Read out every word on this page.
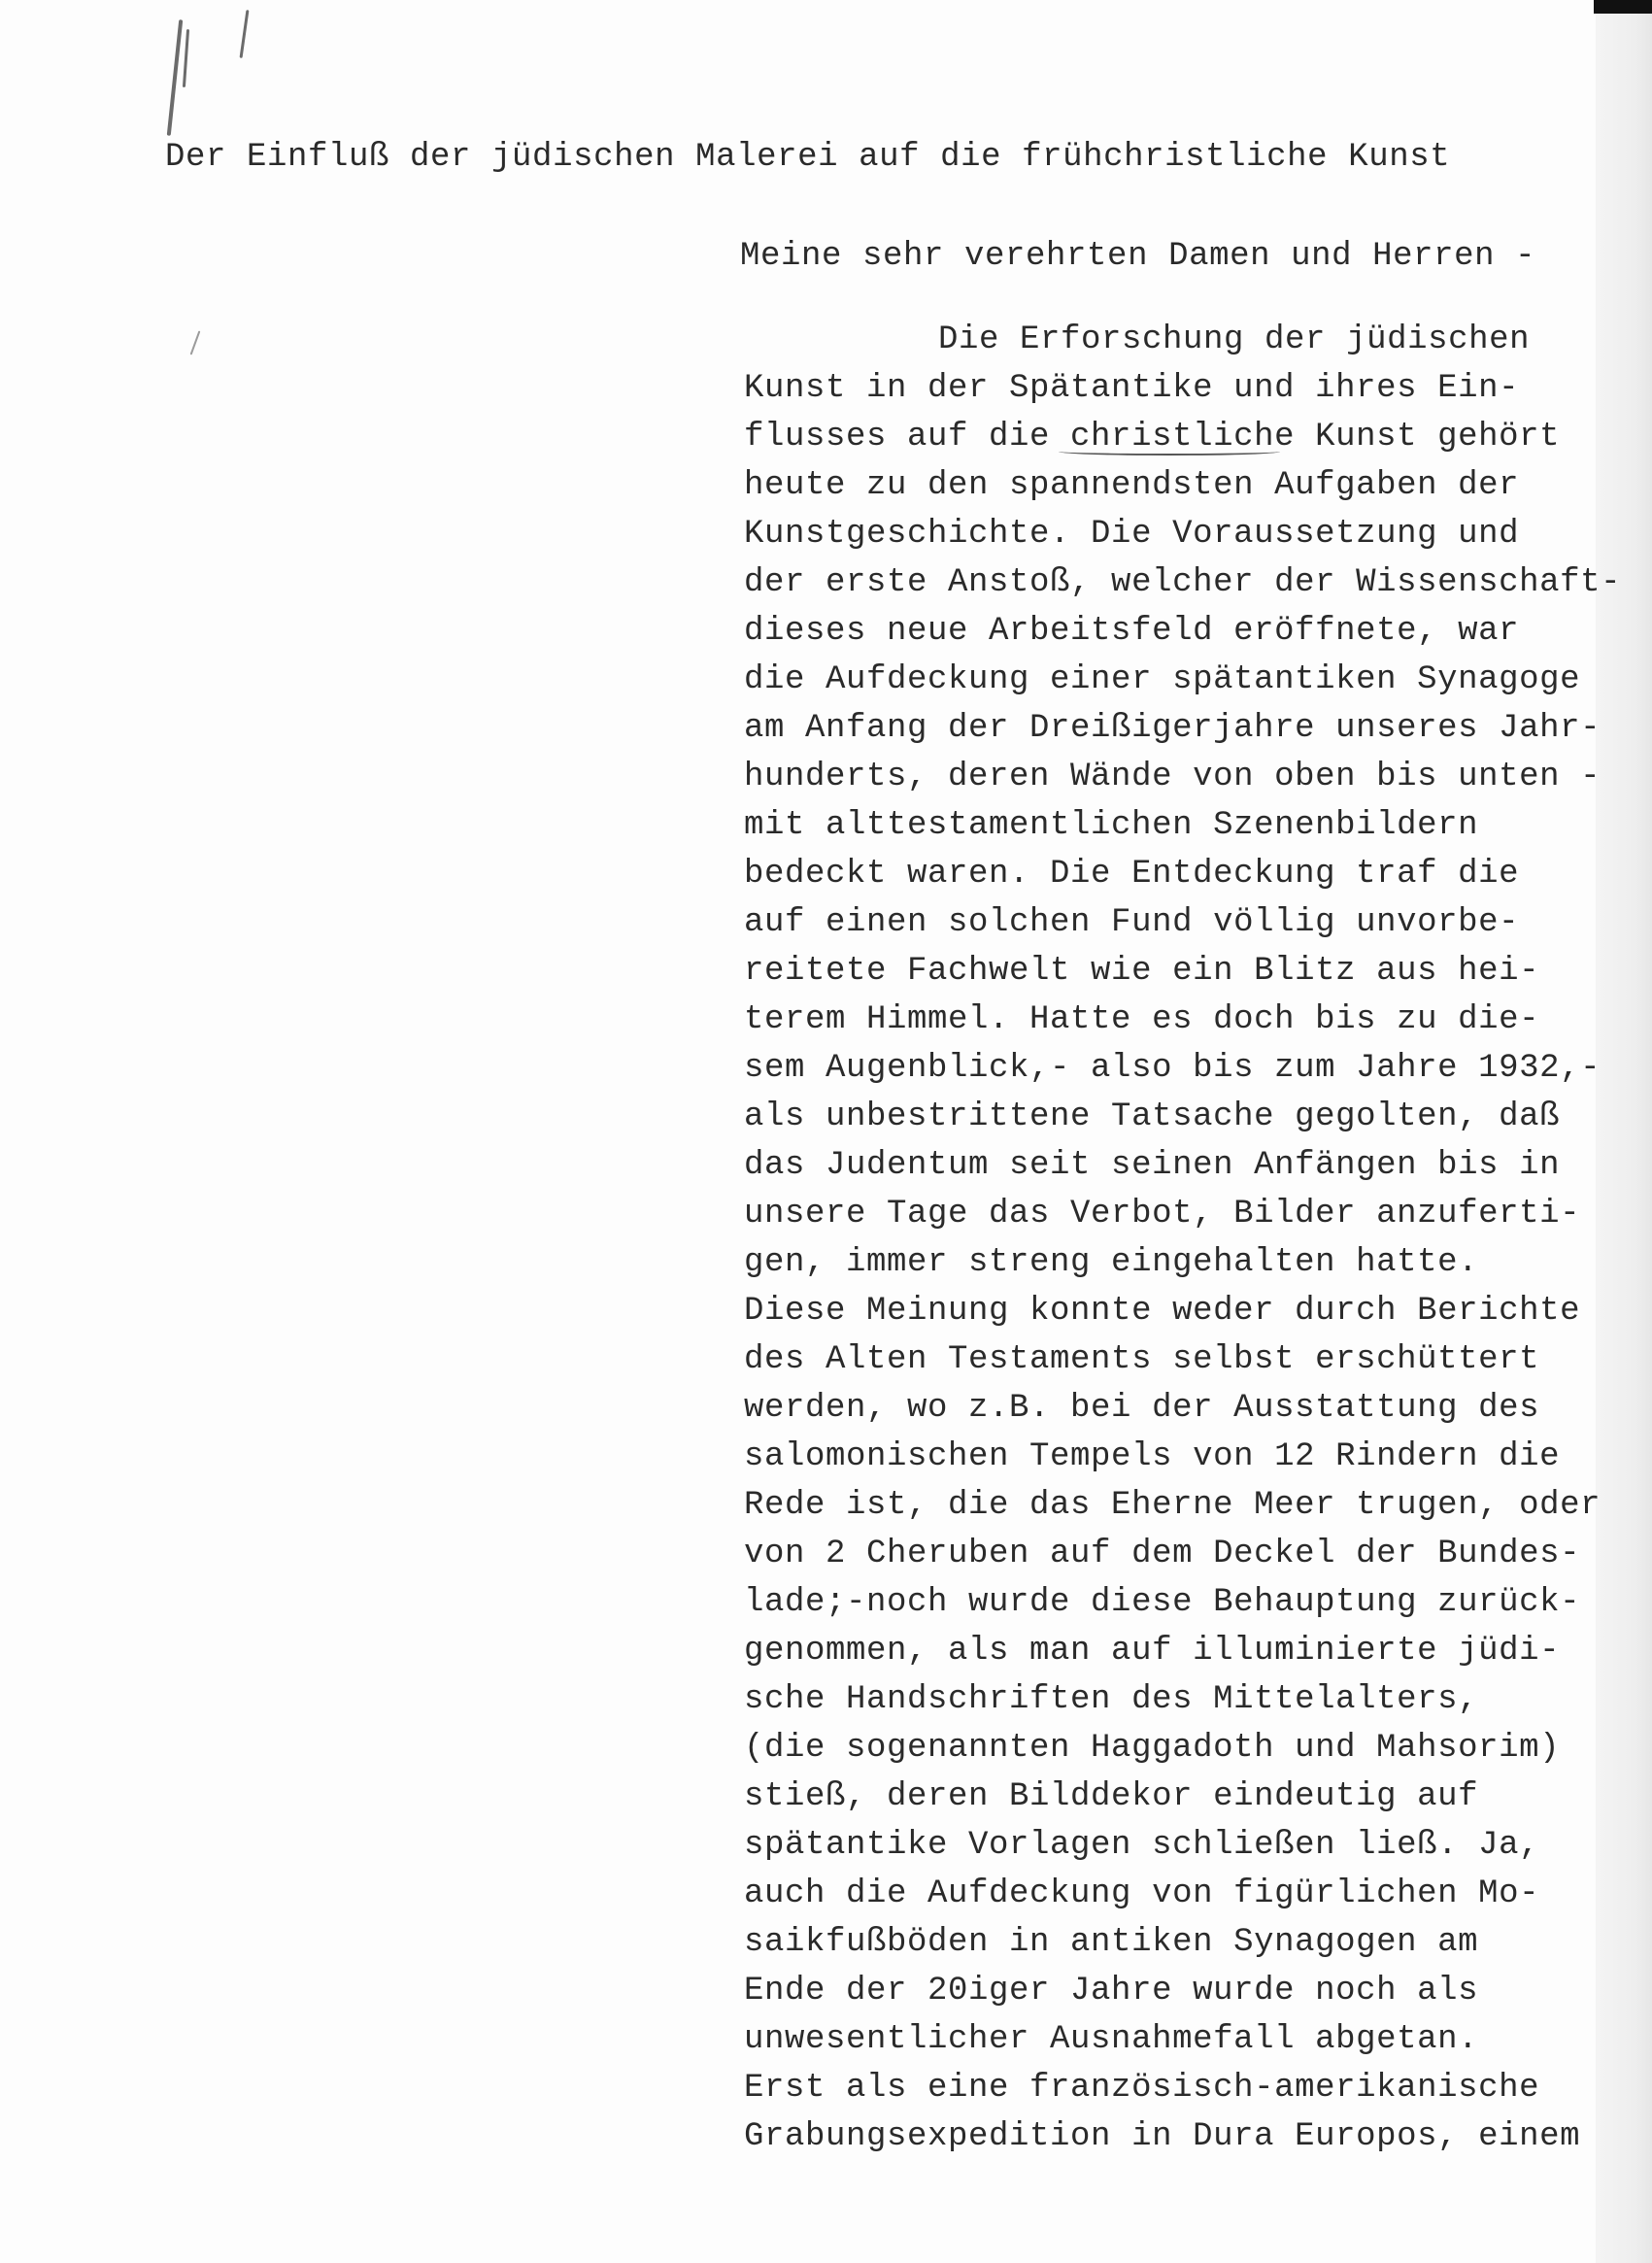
Der Einfluß der jüdischen Malerei auf die frühchristliche Kunst
Meine sehr verehrten Damen und Herren -
Die Erforschung der jüdischen
Kunst in der Spätantike und ihres Ein-
flusses auf die christliche Kunst gehört
heute zu den spannendsten Aufgaben der
Kunstgeschichte. Die Voraussetzung und
der erste Anstoß, welcher der Wissenschaft-
dieses neue Arbeitsfeld eröffnete, war
die Aufdeckung einer spätantiken Synagoge
am Anfang der Dreißigerjahre unseres Jahr-
hunderts, deren Wände von oben bis unten -
mit alttestamentlichen Szenenbildern
bedeckt waren. Die Entdeckung traf die
auf einen solchen Fund völlig unvorbe-
reitete Fachwelt wie ein Blitz aus hei-
terem Himmel. Hatte es doch bis zu die-
sem Augenblick,- also bis zum Jahre 1932,-
als unbestrittene Tatsache gegolten, daß
das Judentum seit seinen Anfängen bis in
unsere Tage das Verbot, Bilder anzuferti-
gen, immer streng eingehalten hatte.
Diese Meinung konnte weder durch Berichte
des Alten Testaments selbst erschüttert
werden, wo z.B. bei der Ausstattung des
salomonischen Tempels von 12 Rindern die
Rede ist, die das Eherne Meer trugen, oder
von 2 Cheruben auf dem Deckel der Bundes-
lade;-noch wurde diese Behauptung zurück-
genommen, als man auf illuminierte jüdi-
sche Handschriften des Mittelalters,
(die sogenannten Haggadoth und Mahsorim)
stieß, deren Bilddekor eindeutig auf
spätantike Vorlagen schließen ließ. Ja,
auch die Aufdeckung von figürlichen Mo-
saikfußböden in antiken Synagogen am
Ende der 20iger Jahre wurde noch als
unwesentlicher Ausnahmefall abgetan.
Erst als eine französisch-amerikanische
Grabungsexpedition in Dura Europos, einem
